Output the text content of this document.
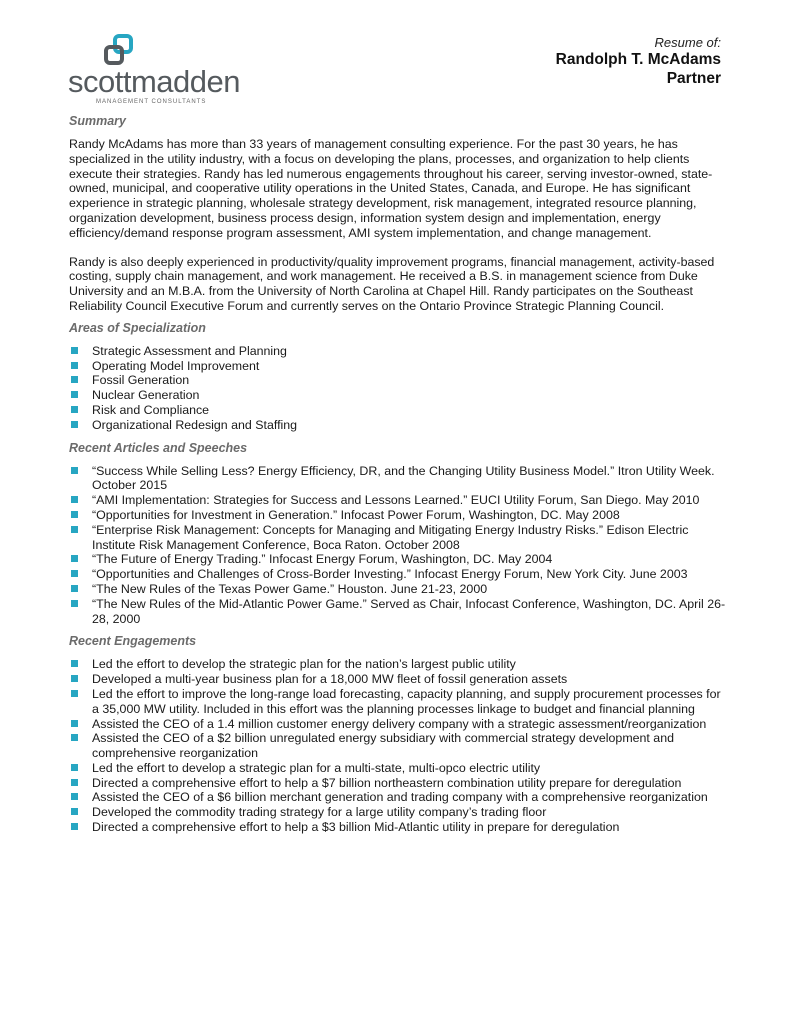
scottmadden
MANAGEMENT CONSULTANTS
Resume of:
Randolph T. McAdams
Partner
Summary

Randy McAdams has more than 33 years of management consulting experience. For the past 30 years, he has specialized in the utility industry, with a focus on developing the plans, processes, and organization to help clients execute their strategies. Randy has led numerous engagements throughout his career, serving investor-owned, state-owned, municipal, and cooperative utility operations in the United States, Canada, and Europe. He has significant experience in strategic planning, wholesale strategy development, risk management, integrated resource planning, organization development, business process design, information system design and implementation, energy efficiency/demand response program assessment, AMI system implementation, and change management.

Randy is also deeply experienced in productivity/quality improvement programs, financial management, activity-based costing, supply chain management, and work management. He received a B.S. in management science from Duke University and an M.B.A. from the University of North Carolina at Chapel Hill. Randy participates on the Southeast Reliability Council Executive Forum and currently serves on the Ontario Province Strategic Planning Council.

Areas of Specialization
Strategic Assessment and Planning
Operating Model Improvement
Fossil Generation
Nuclear Generation
Risk and Compliance
Organizational Redesign and Staffing
Recent Articles and Speeches
“Success While Selling Less? Energy Efficiency, DR, and the Changing Utility Business Model.” Itron Utility Week. October 2015
“AMI Implementation: Strategies for Success and Lessons Learned.” EUCI Utility Forum, San Diego. May 2010
“Opportunities for Investment in Generation.” Infocast Power Forum, Washington, DC. May 2008
“Enterprise Risk Management: Concepts for Managing and Mitigating Energy Industry Risks.” Edison Electric Institute Risk Management Conference, Boca Raton. October 2008
“The Future of Energy Trading.” Infocast Energy Forum, Washington, DC. May 2004
“Opportunities and Challenges of Cross-Border Investing.” Infocast Energy Forum, New York City. June 2003
“The New Rules of the Texas Power Game.” Houston. June 21-23, 2000
“The New Rules of the Mid-Atlantic Power Game.” Served as Chair, Infocast Conference, Washington, DC. April 26-28, 2000
Recent Engagements
Led the effort to develop the strategic plan for the nation’s largest public utility
Developed a multi-year business plan for a 18,000 MW fleet of fossil generation assets
Led the effort to improve the long-range load forecasting, capacity planning, and supply procurement processes for a 35,000 MW utility. Included in this effort was the planning processes linkage to budget and financial planning
Assisted the CEO of a 1.4 million customer energy delivery company with a strategic assessment/reorganization
Assisted the CEO of a $2 billion unregulated energy subsidiary with commercial strategy development and comprehensive reorganization
Led the effort to develop a strategic plan for a multi-state, multi-opco electric utility
Directed a comprehensive effort to help a $7 billion northeastern combination utility prepare for deregulation
Assisted the CEO of a $6 billion merchant generation and trading company with a comprehensive reorganization
Developed the commodity trading strategy for a large utility company’s trading floor
Directed a comprehensive effort to help a $3 billion Mid-Atlantic utility in prepare for deregulation
